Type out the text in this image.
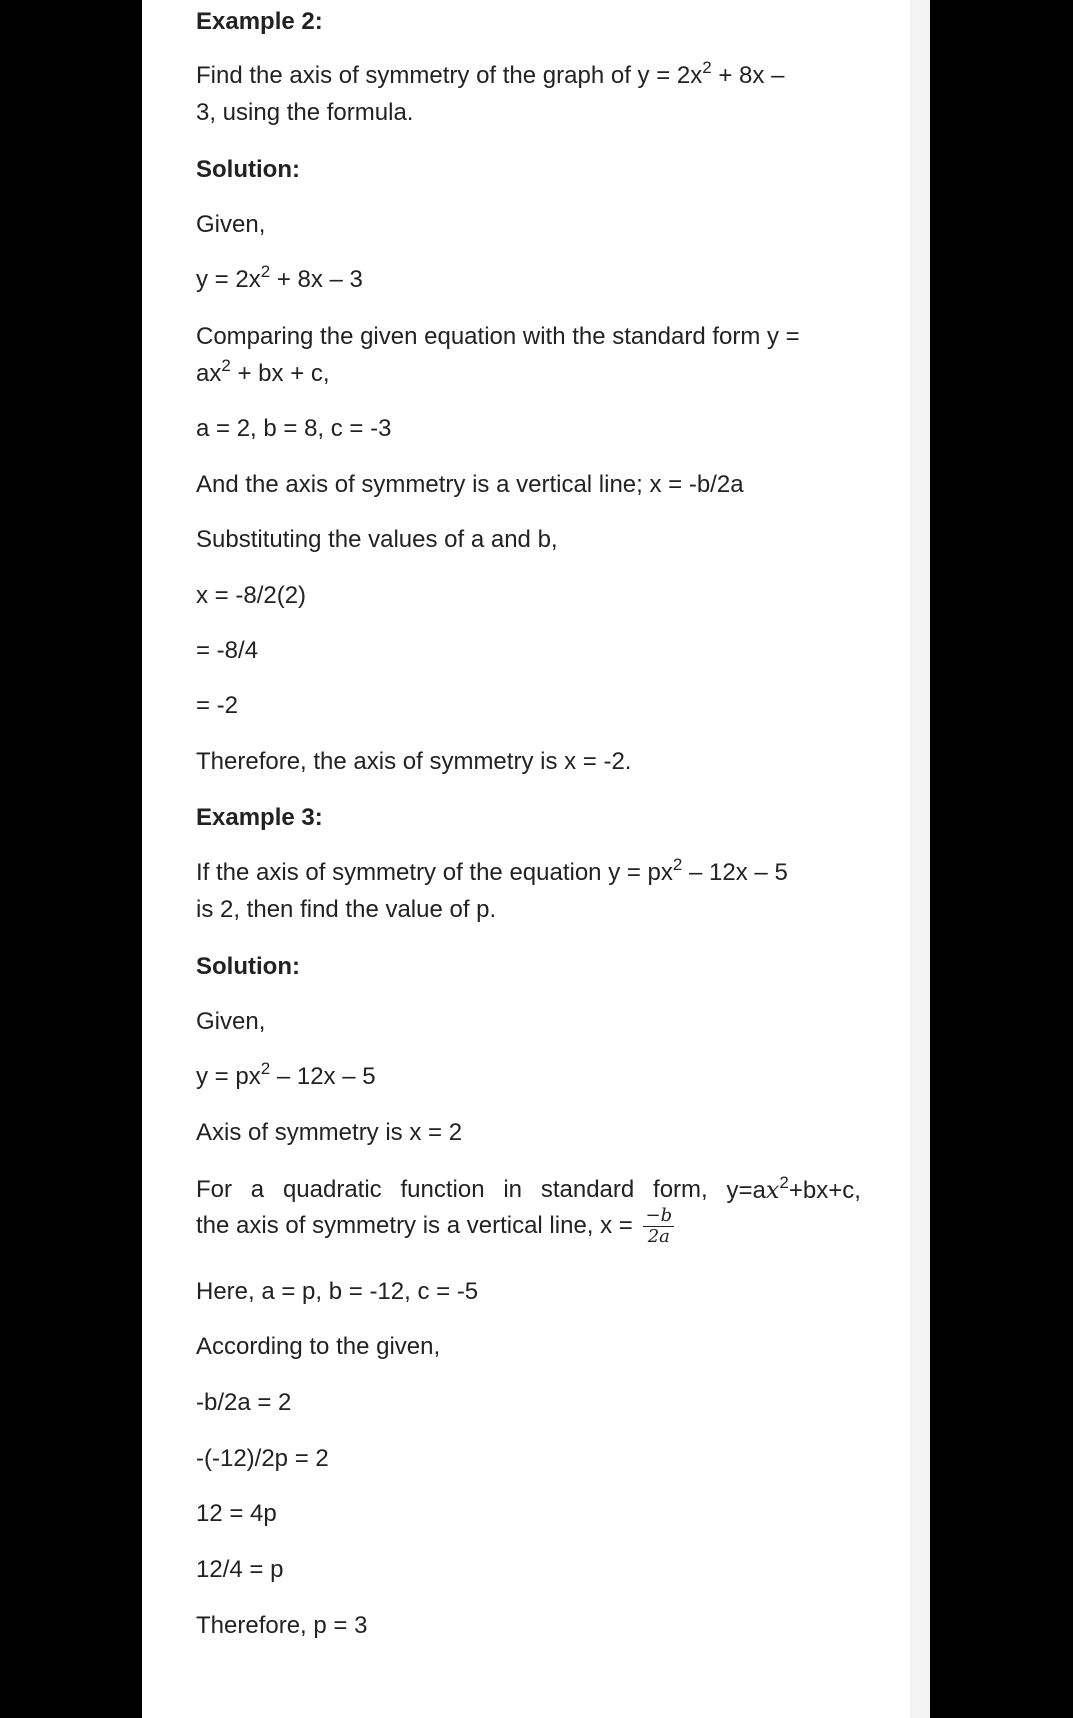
Example 2:

Find the axis of symmetry of the graph of $y = 2x^2 + 8x$ –

3, using the formula.

Solution:

Given,

$y = 2x^2 + 8x - 3$

Comparing the given equation with the standard form y =

$ax^2$ + bx + c,

a = 2, b = 8, c = -3

And the axis of symmetry is a vertical line; x = -b/2a

Substituting the values of a and b,

x = -8/2(2)

= -8/4

= -2

Therefore, the axis of symmetry is x = -2.

Example 3:

If the axis of symmetry of the equation $y = px^2 - 12x - 5$

is 2, then find the value of p.

Solution:

Given,

$y = px^2 - 12x - 5$

Axis of symmetry is x = 2

For a quadratic function in standard form, $y=ax^2+bx+c$,

the axis of symmetry is a vertical line, $x = \frac{-b}{2a}$

Here, a = p, b = -12, c = -5

According to the given,

-b/2a = 2

-(-12)/2p = 2

12 = 4p

12/4 = p

Therefore, p = 3
